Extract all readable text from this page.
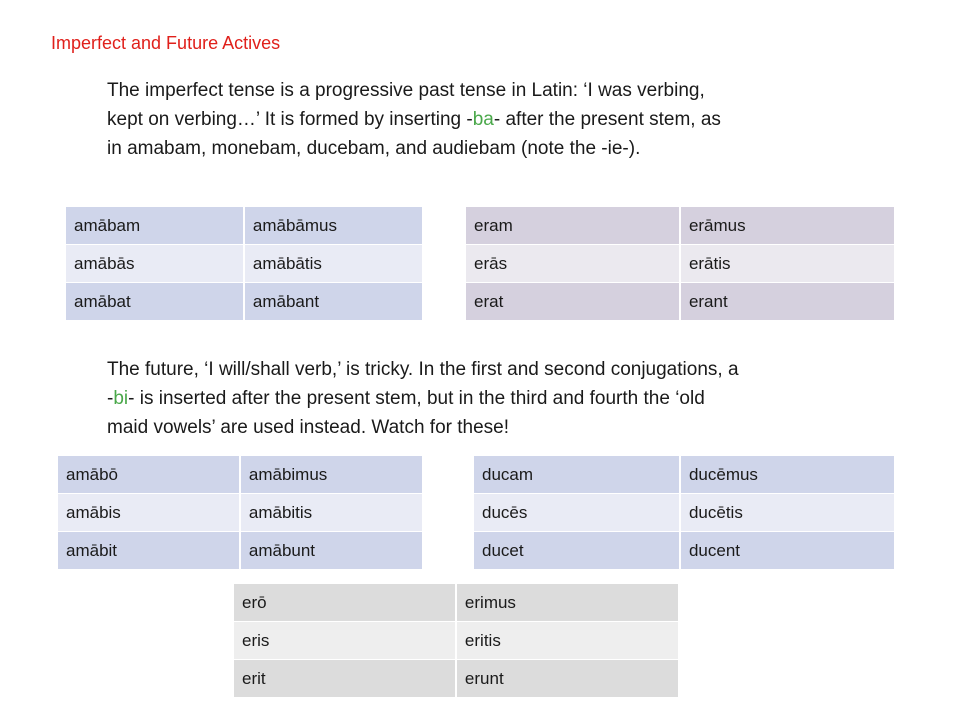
Imperfect and Future Actives

The imperfect tense is a progressive past tense in Latin: ‘I was verbing,
kept on verbing…’ It is formed by inserting -ba- after the present stem, as
in amabam, monebam, ducebam, and audiebam (note the -ie-).

amābam	amābāmus
amābās	amābātis
amābat	amābant
eram	erāmus
erās	erātis
erat	erant

The future, ‘I will/shall verb,’ is tricky. In the first and second conjugations, a
-bi- is inserted after the present stem, but in the third and fourth the ‘old
maid vowels’ are used instead. Watch for these!

amābō	amābimus
amābis	amābitis
amābit	amābunt
ducam	ducēmus
ducēs	ducētis
ducet	ducent
erō	erimus
eris	eritis
erit	erunt
